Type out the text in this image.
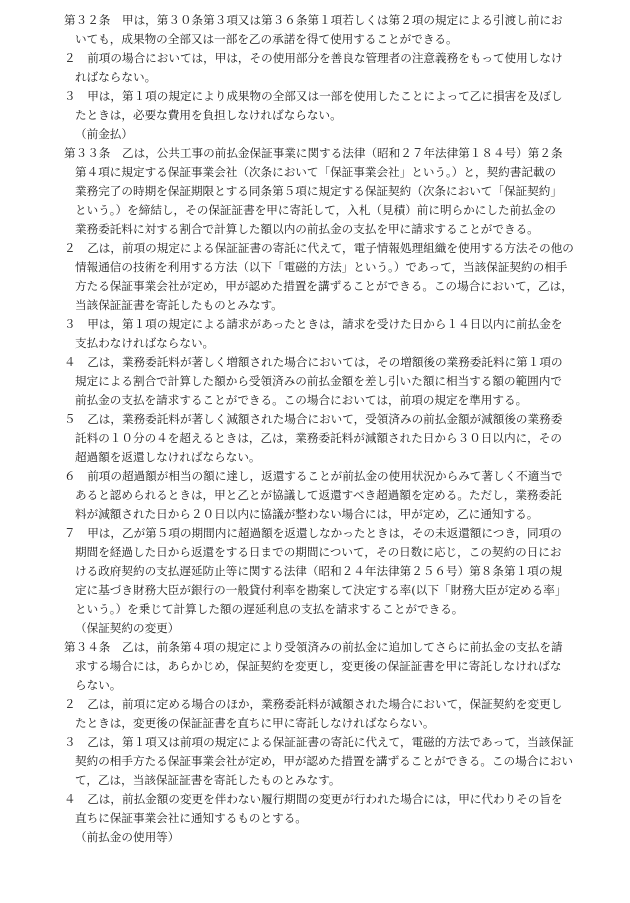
第３２条　甲は，第３０条第３項又は第３６条第１項若しくは第２項の規定による引渡し前にお
いても，成果物の全部又は一部を乙の承諾を得て使用することができる。
２　前項の場合においては，甲は，その使用部分を善良な管理者の注意義務をもって使用しなけ
ればならない。
３　甲は，第１項の規定により成果物の全部又は一部を使用したことによって乙に損害を及ぼし
たときは，必要な費用を負担しなければならない。
（前金払）
第３３条　乙は，公共工事の前払金保証事業に関する法律（昭和２７年法律第１８４号）第２条
第４項に規定する保証事業会社（次条において「保証事業会社」という。）と，契約書記載の
業務完了の時期を保証期限とする同条第５項に規定する保証契約（次条において「保証契約」
という。）を締結し，その保証証書を甲に寄託して，入札（見積）前に明らかにした前払金の
業務委託料に対する割合で計算した額以内の前払金の支払を甲に請求することができる。
２　乙は，前項の規定による保証証書の寄託に代えて，電子情報処理組織を使用する方法その他の
情報通信の技術を利用する方法（以下「電磁的方法」という。）であって，当該保証契約の相手
方たる保証事業会社が定め，甲が認めた措置を講ずることができる。この場合において，乙は，
当該保証証書を寄託したものとみなす。
３　甲は，第１項の規定による請求があったときは，請求を受けた日から１４日以内に前払金を
支払わなければならない。
４　乙は，業務委託料が著しく増額された場合においては，その増額後の業務委託料に第１項の
規定による割合で計算した額から受領済みの前払金額を差し引いた額に相当する額の範囲内で
前払金の支払を請求することができる。この場合においては，前項の規定を準用する。
５　乙は，業務委託料が著しく減額された場合において，受領済みの前払金額が減額後の業務委
託料の１０分の４を超えるときは，乙は，業務委託料が減額された日から３０日以内に，その
超過額を返還しなければならない。
６　前項の超過額が相当の額に達し，返還することが前払金の使用状況からみて著しく不適当で
あると認められるときは，甲と乙とが協議して返還すべき超過額を定める。ただし，業務委託
料が減額された日から２０日以内に協議が整わない場合には，甲が定め，乙に通知する。
７　甲は，乙が第５項の期間内に超過額を返還しなかったときは，その未返還額につき，同項の
期間を経過した日から返還をする日までの期間について，その日数に応じ，この契約の日にお
ける政府契約の支払遅延防止等に関する法律（昭和２４年法律第２５６号）第８条第１項の規
定に基づき財務大臣が銀行の一般貸付利率を勘案して決定する率(以下「財務大臣が定める率」
という。）を乗じて計算した額の遅延利息の支払を請求することができる。
（保証契約の変更）
第３４条　乙は，前条第４項の規定により受領済みの前払金に追加してさらに前払金の支払を請
求する場合には，あらかじめ，保証契約を変更し，変更後の保証証書を甲に寄託しなければな
らない。
２　乙は，前項に定める場合のほか，業務委託料が減額された場合において，保証契約を変更し
たときは，変更後の保証証書を直ちに甲に寄託しなければならない。
３　乙は，第１項又は前項の規定による保証証書の寄託に代えて，電磁的方法であって，当該保証
契約の相手方たる保証事業会社が定め，甲が認めた措置を講ずることができる。この場合におい
て，乙は，当該保証証書を寄託したものとみなす。
４　乙は，前払金額の変更を伴わない履行期間の変更が行われた場合には，甲に代わりその旨を
直ちに保証事業会社に通知するものとする。
（前払金の使用等）
